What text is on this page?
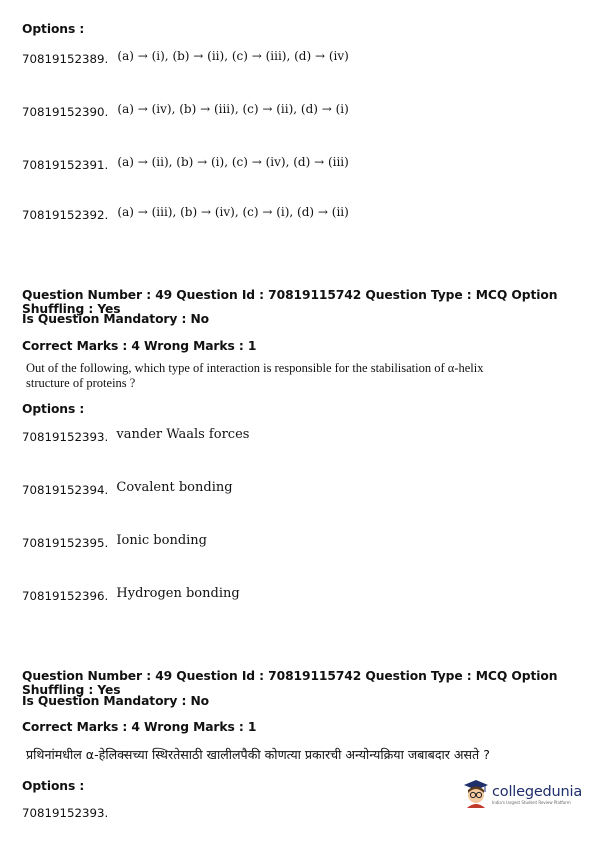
Options :
70819152389. (a) → (i), (b) → (ii), (c) → (iii), (d) → (iv)
70819152390. (a) → (iv), (b) → (iii), (c) → (ii), (d) → (i)
70819152391. (a) → (ii), (b) → (i), (c) → (iv), (d) → (iii)
70819152392. (a) → (iii), (b) → (iv), (c) → (i), (d) → (ii)
Question Number : 49 Question Id : 70819115742 Question Type : MCQ Option Shuffling : Yes
Is Question Mandatory : No
Correct Marks : 4 Wrong Marks : 1
Out of the following, which type of interaction is responsible for the stabilisation of α-helix
structure of proteins ?
Options :
70819152393. vander Waals forces
70819152394. Covalent bonding
70819152395. Ionic bonding
70819152396. Hydrogen bonding
Question Number : 49 Question Id : 70819115742 Question Type : MCQ Option Shuffling : Yes
Is Question Mandatory : No
Correct Marks : 4 Wrong Marks : 1
प्रथिनांमधील α-हेलिक्सच्या स्थिरतेसाठी खालीलपैकी कोणत्या प्रकारची अन्योन्यक्रिया जबाबदार असते ?
Options :
70819152393.
collegedunia
India's largest Student Review Platform
